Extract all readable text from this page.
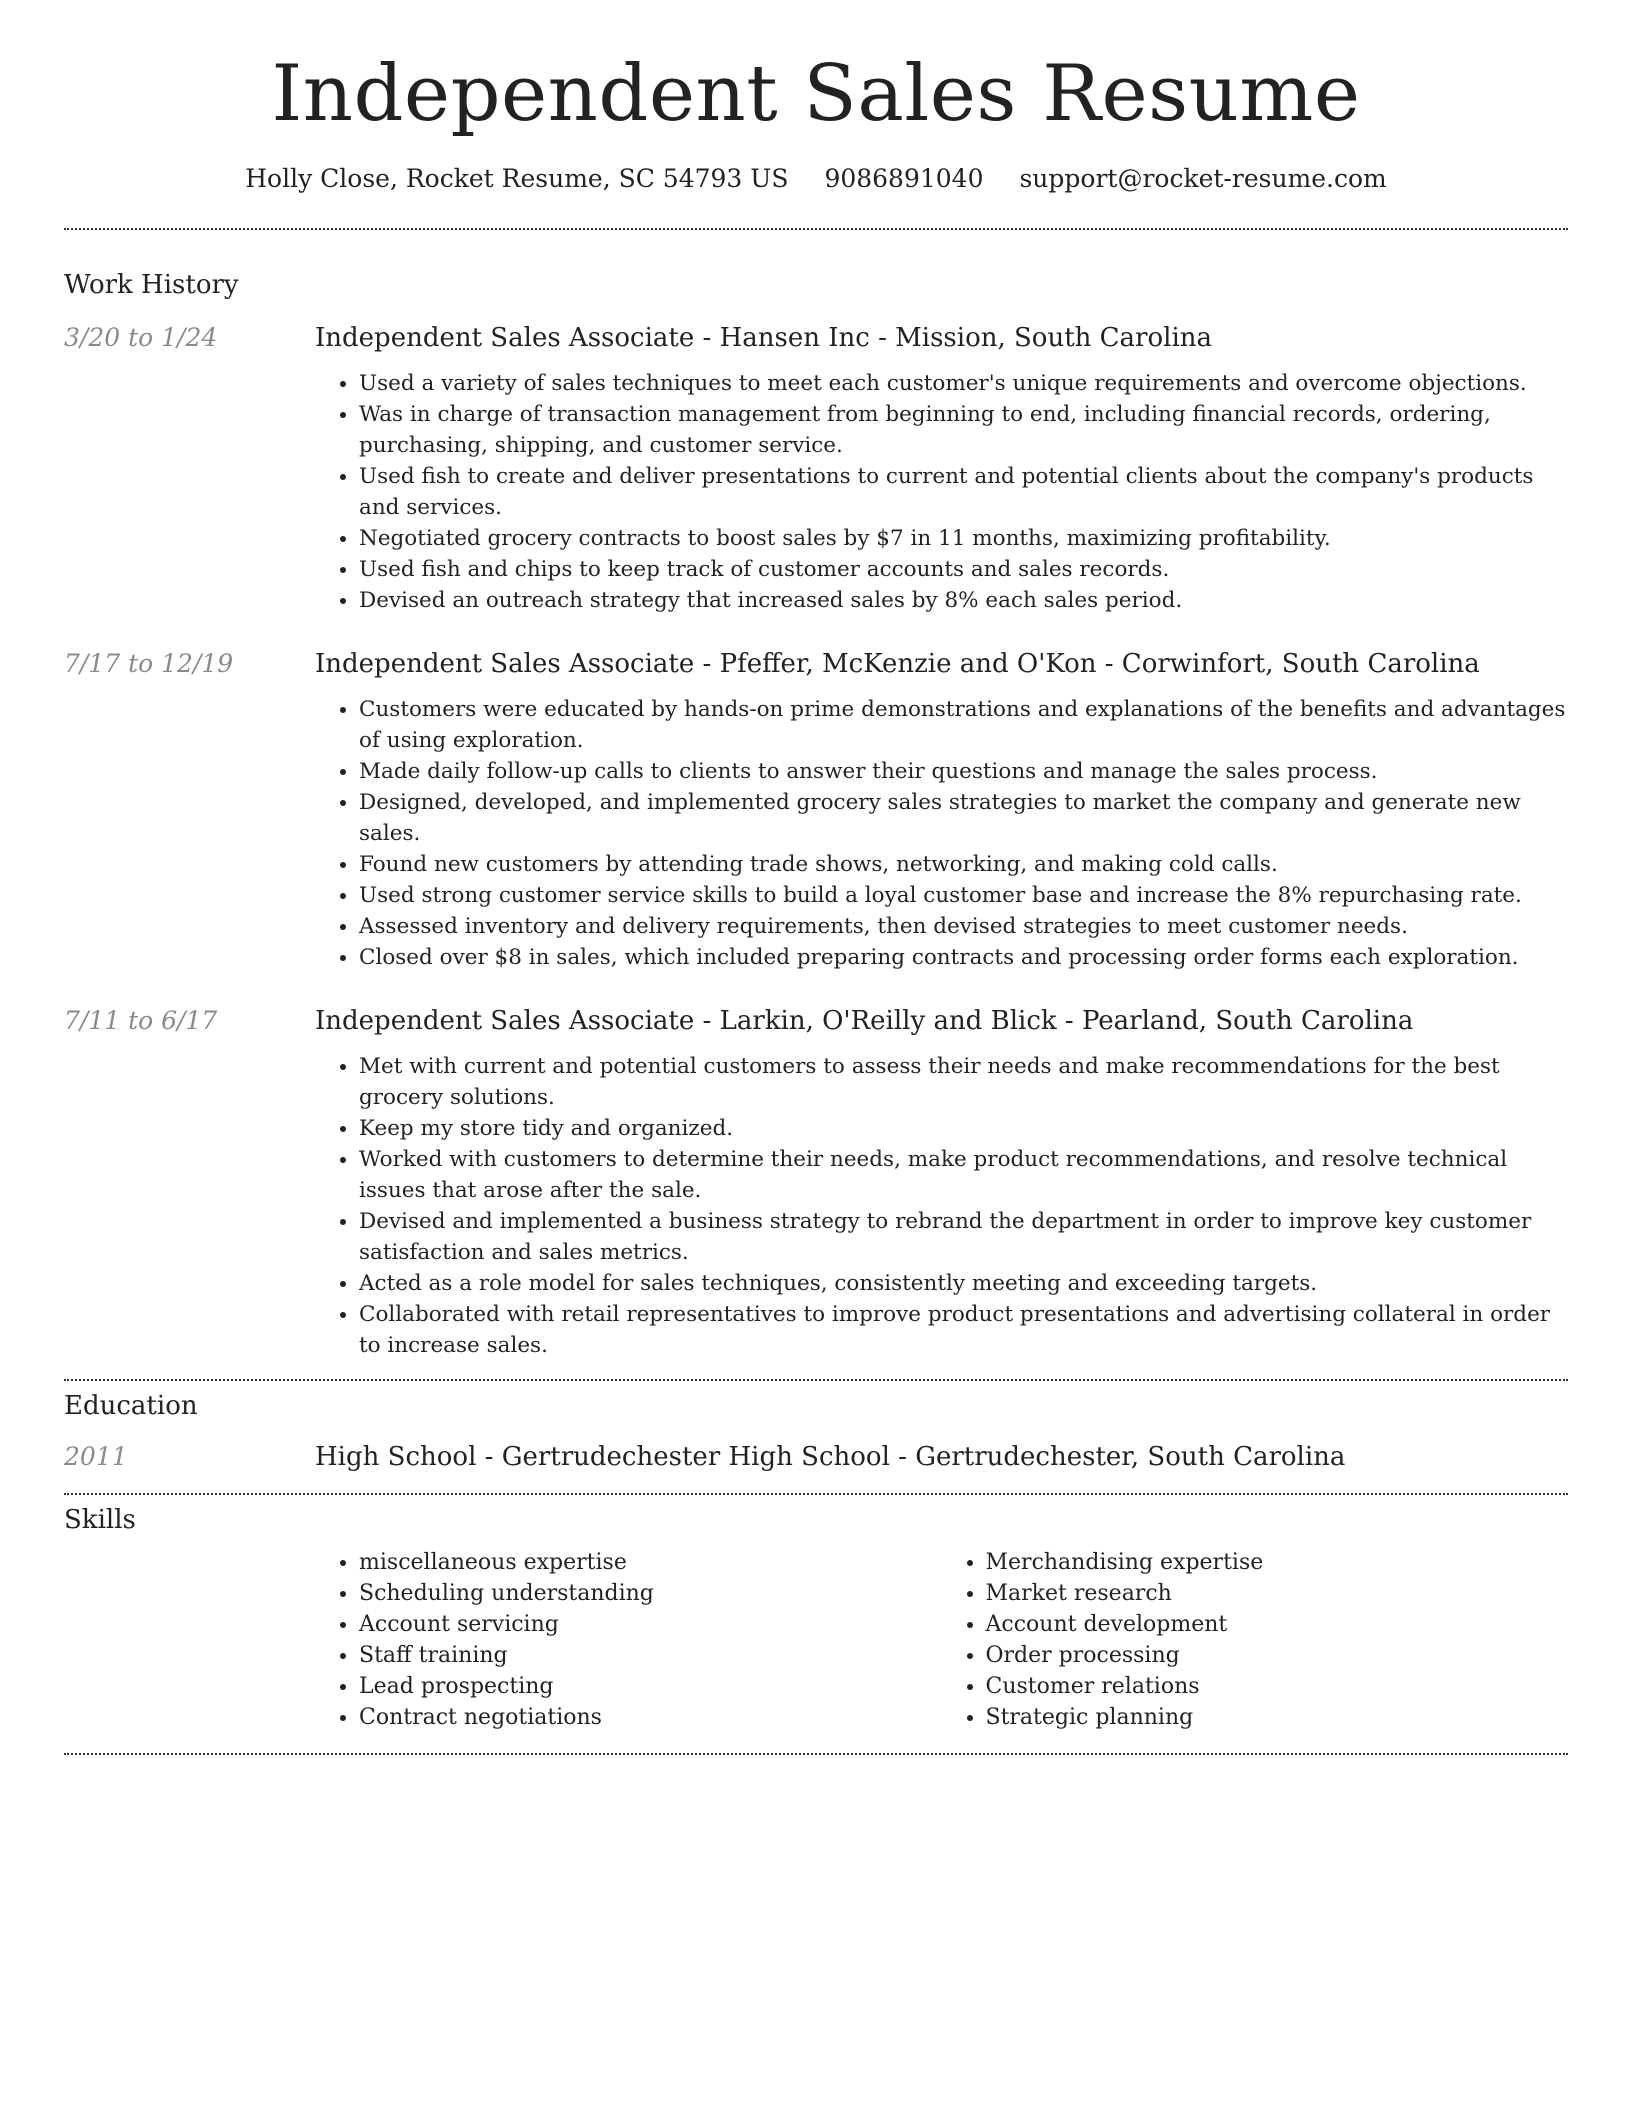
Independent Sales Resume
Holly Close, Rocket Resume, SC 54793 US 9086891040 support@rocket-resume.com
Work History
3/20 to 1/24	Independent Sales Associate - Hansen Inc - Mission, South Carolina
• Used a variety of sales techniques to meet each customer's unique requirements and overcome objections.
• Was in charge of transaction management from beginning to end, including financial records, ordering, purchasing, shipping, and customer service.
• Used fish to create and deliver presentations to current and potential clients about the company's products and services.
• Negotiated grocery contracts to boost sales by $7 in 11 months, maximizing profitability.
• Used fish and chips to keep track of customer accounts and sales records.
• Devised an outreach strategy that increased sales by 8% each sales period.
7/17 to 12/19	Independent Sales Associate - Pfeffer, McKenzie and O'Kon - Corwinfort, South Carolina
• Customers were educated by hands-on prime demonstrations and explanations of the benefits and advantages of using exploration.
• Made daily follow-up calls to clients to answer their questions and manage the sales process.
• Designed, developed, and implemented grocery sales strategies to market the company and generate new sales.
• Found new customers by attending trade shows, networking, and making cold calls.
• Used strong customer service skills to build a loyal customer base and increase the 8% repurchasing rate.
• Assessed inventory and delivery requirements, then devised strategies to meet customer needs.
• Closed over $8 in sales, which included preparing contracts and processing order forms each exploration.
7/11 to 6/17	Independent Sales Associate - Larkin, O'Reilly and Blick - Pearland, South Carolina
• Met with current and potential customers to assess their needs and make recommendations for the best grocery solutions.
• Keep my store tidy and organized.
• Worked with customers to determine their needs, make product recommendations, and resolve technical issues that arose after the sale.
• Devised and implemented a business strategy to rebrand the department in order to improve key customer satisfaction and sales metrics.
• Acted as a role model for sales techniques, consistently meeting and exceeding targets.
• Collaborated with retail representatives to improve product presentations and advertising collateral in order to increase sales.
Education
2011	High School - Gertrudechester High School - Gertrudechester, South Carolina
Skills
• miscellaneous expertise
• Scheduling understanding
• Account servicing
• Staff training
• Lead prospecting
• Contract negotiations
• Merchandising expertise
• Market research
• Account development
• Order processing
• Customer relations
• Strategic planning
